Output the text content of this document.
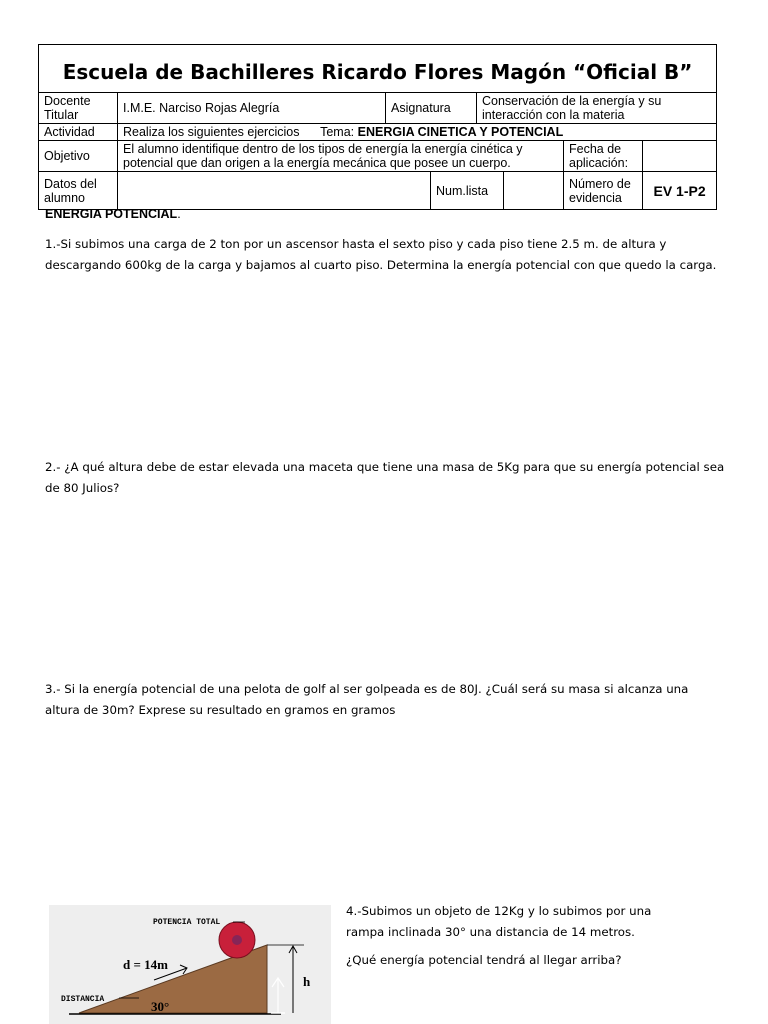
Escuela de Bachilleres Ricardo Flores Magón “Oficial B”							
Docente Titular	I.M.E. Narciso Rojas Alegría	Asignatura		Conservación de la energía y su interacción con la materia			
Actividad	Realiza los siguientes ejercicios Tema: ENERGIA CINETICA Y POTENCIAL						
Objetivo	El alumno identifique dentro de los tipos de energía la energía cinética y potencial que dan origen a la energía mecánica que posee un cuerpo.					Fecha de aplicación:	
Datos del alumno			Num.lista			Número de evidencia	EV 1-P2
ENERGIA POTENCIAL.
1.-Si subimos una carga de 2 ton por un ascensor hasta el sexto piso y cada piso tiene 2.5 m. de altura y descargando 600kg de la carga y bajamos al cuarto piso. Determina la energía potencial con que quedo la carga.
2.- ¿A qué altura debe de estar elevada una maceta que tiene una masa de 5Kg para que su energía potencial sea de 80 Julios?
3.- Si la energía potencial de una pelota de golf al ser golpeada es de 80J. ¿Cuál será su masa si alcanza una altura de 30m? Exprese su resultado en gramos en gramos
4.-Subimos un objeto de 12Kg y lo subimos por una rampa inclinada 30° una distancia de 14 metros.
¿Qué energía potencial tendrá al llegar arriba?
POTENCIA TOTAL
d = 14m
DISTANCIA	30°
h
